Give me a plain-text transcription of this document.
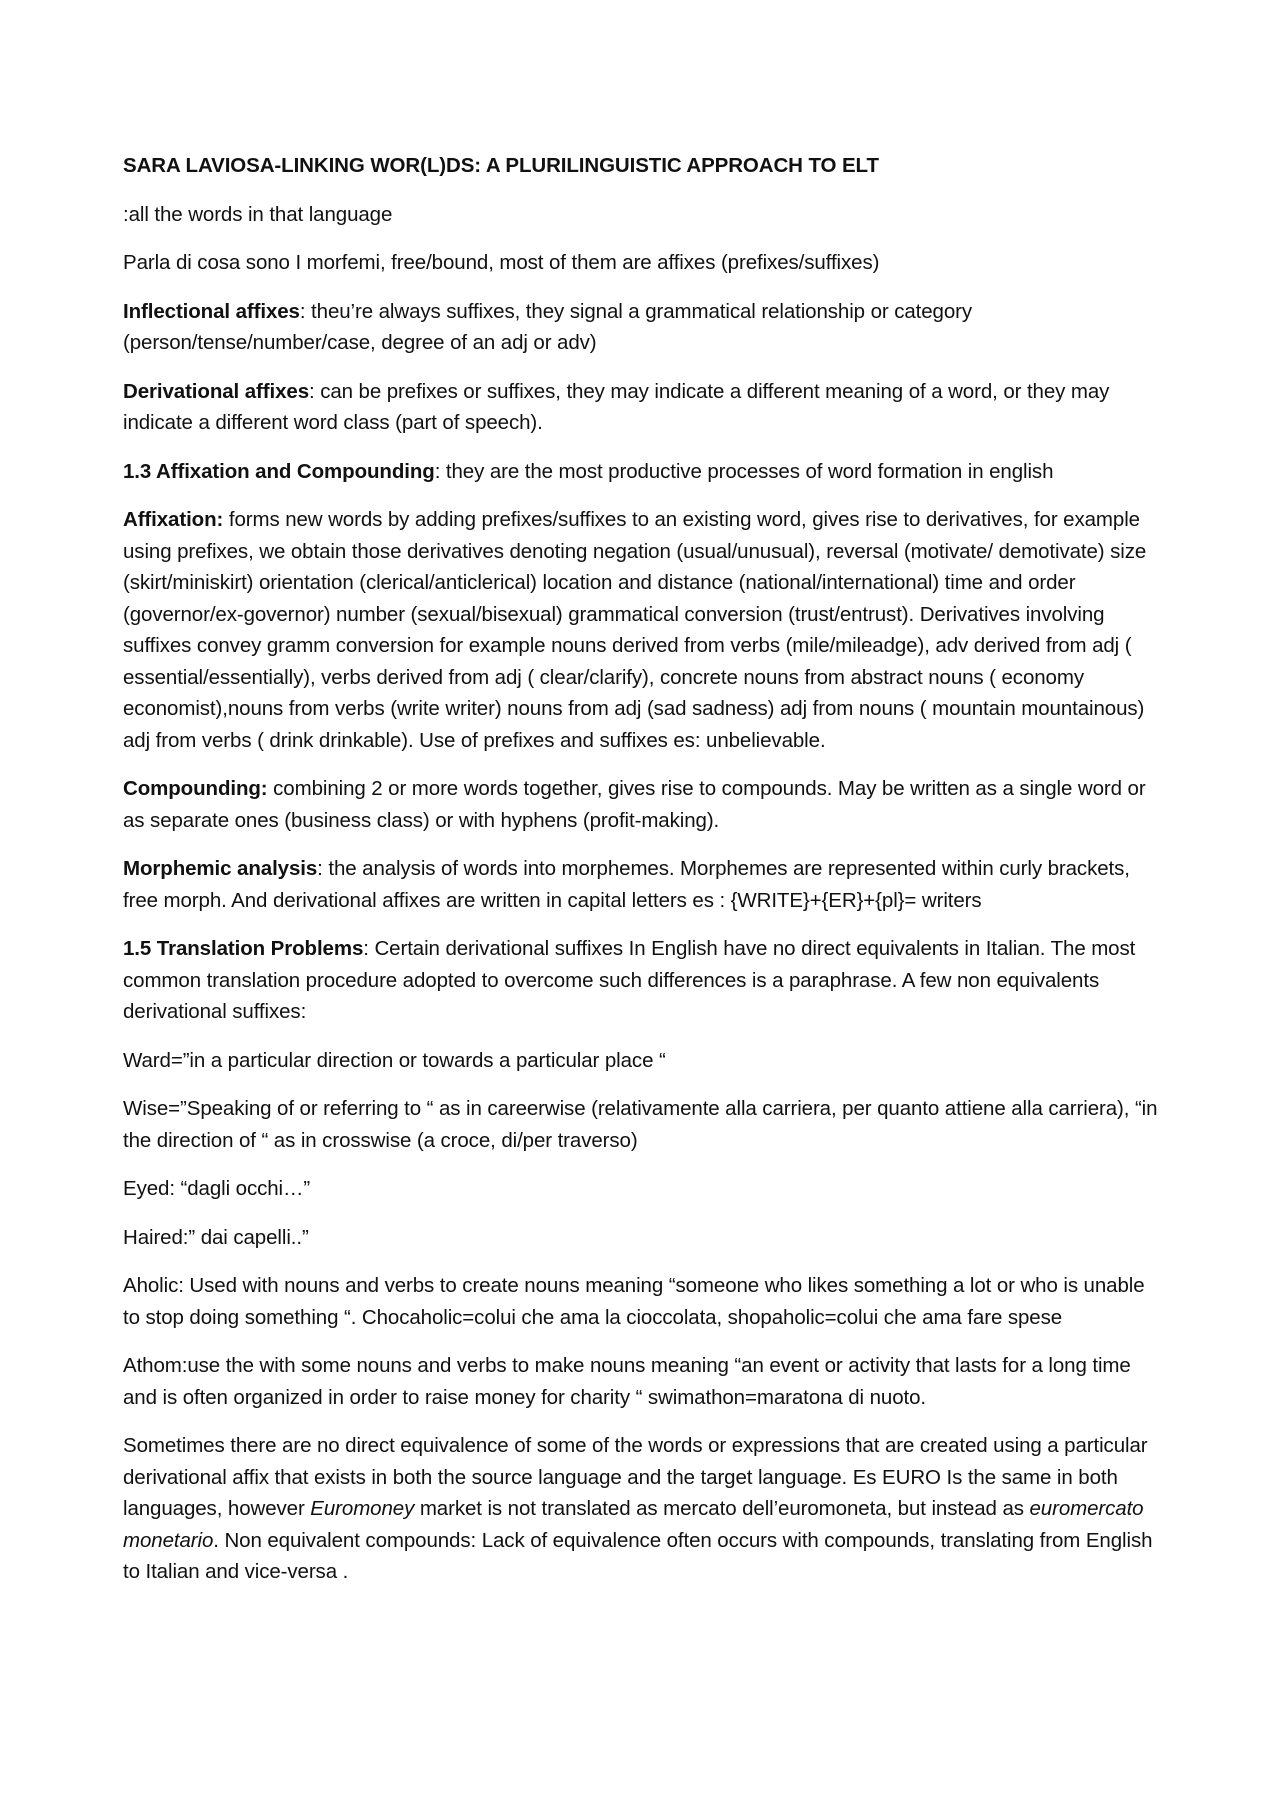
SARA LAVIOSA-LINKING WOR(L)DS: A PLURILINGUISTIC APPROACH TO ELT

:all the words in that language

Parla di cosa sono I morfemi, free/bound, most of them are affixes (prefixes/suffixes)

Inflectional affixes: theu’re always suffixes, they signal a grammatical relationship or category (person/tense/number/case, degree of an adj or adv)

Derivational affixes: can be prefixes or suffixes, they may indicate a different meaning of a word, or they may indicate a different word class (part of speech).

1.3 Affixation and Compounding: they are the most productive processes of word formation in english

Affixation: forms new words by adding prefixes/suffixes to an existing word, gives rise to derivatives, for example using prefixes, we obtain those derivatives denoting negation (usual/unusual), reversal (motivate/ demotivate) size (skirt/miniskirt) orientation (clerical/anticlerical) location and distance (national/international) time and order (governor/ex-governor) number (sexual/bisexual) grammatical conversion (trust/entrust). Derivatives involving suffixes convey gramm conversion for example nouns derived from verbs (mile/mileadge), adv derived from adj ( essential/essentially), verbs derived from adj ( clear/clarify), concrete nouns from abstract nouns ( economy economist),nouns from verbs (write writer) nouns from adj (sad sadness) adj from nouns ( mountain mountainous) adj from verbs ( drink drinkable). Use of prefixes and suffixes es: unbelievable.

Compounding: combining 2 or more words together, gives rise to compounds. May be written as a single word or as separate ones (business class) or with hyphens (profit-making).

Morphemic analysis: the analysis of words into morphemes. Morphemes are represented within curly brackets, free morph. And derivational affixes are written in capital letters es : {WRITE}+{ER}+{pl}= writers

1.5 Translation Problems: Certain derivational suffixes In English have no direct equivalents in Italian. The most common translation procedure adopted to overcome such differences is a paraphrase. A few non equivalents derivational suffixes:

Ward=”in a particular direction or towards a particular place “

Wise=”Speaking of or referring to “ as in careerwise (relativamente alla carriera, per quanto attiene alla carriera), “in the direction of “ as in crosswise (a croce, di/per traverso)

Eyed: “dagli occhi…”

Haired:” dai capelli..”

Aholic: Used with nouns and verbs to create nouns meaning “someone who likes something a lot or who is unable to stop doing something “. Chocaholic=colui che ama la cioccolata, shopaholic=colui che ama fare spese

Athom:use the with some nouns and verbs to make nouns meaning “an event or activity that lasts for a long time and is often organized in order to raise money for charity “ swimathon=maratona di nuoto.

Sometimes there are no direct equivalence of some of the words or expressions that are created using a particular derivational affix that exists in both the source language and the target language. Es EURO Is the same in both languages, however Euromoney market is not translated as mercato dell’euromoneta, but instead as euromercato monetario. Non equivalent compounds: Lack of equivalence often occurs with compounds, translating from English to Italian and vice-versa .
